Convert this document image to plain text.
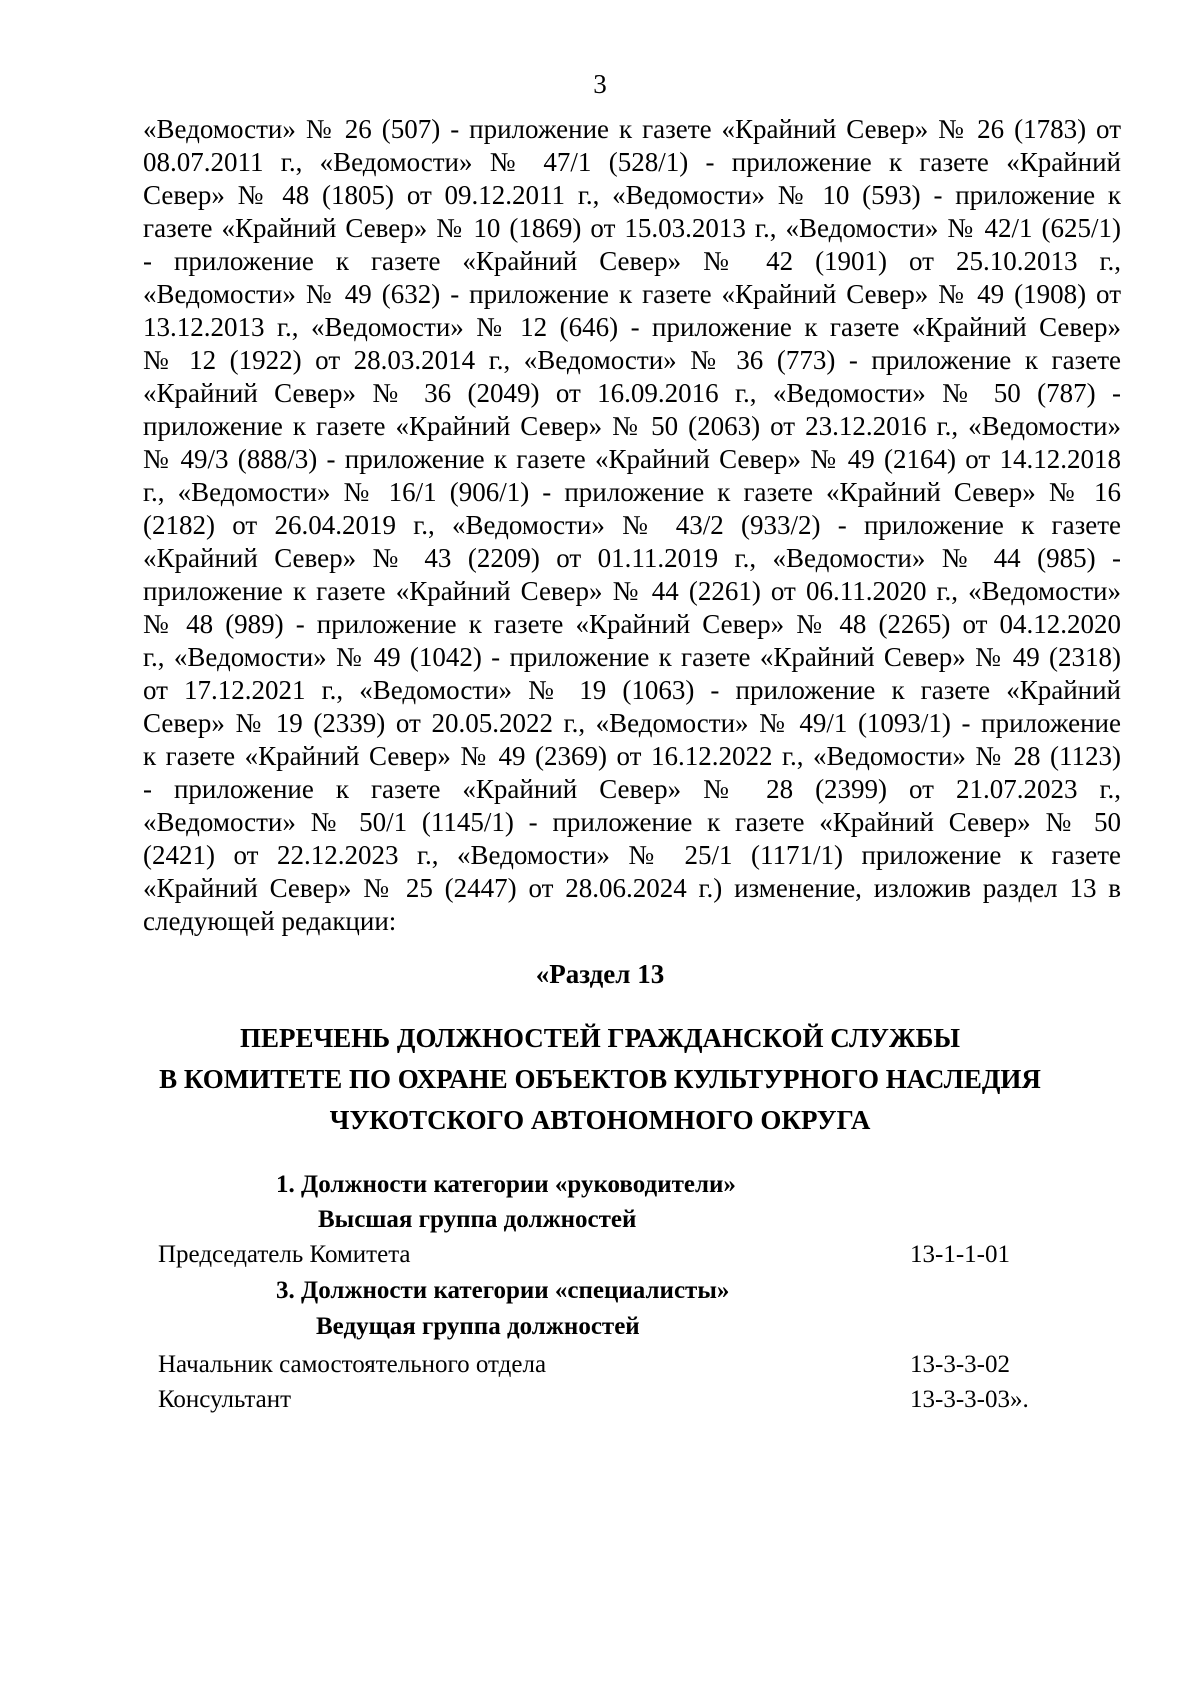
3

«Ведомости» № 26 (507) - приложение к газете «Крайний Север» № 26 (1783) от
08.07.2011 г., «Ведомости» № 47/1 (528/1) - приложение к газете «Крайний
Север» № 48 (1805) от 09.12.2011 г., «Ведомости» № 10 (593) - приложение к
газете «Крайний Север» № 10 (1869) от 15.03.2013 г., «Ведомости» № 42/1 (625/1)
- приложение к газете «Крайний Север» № 42 (1901) от 25.10.2013 г.,
«Ведомости» № 49 (632) - приложение к газете «Крайний Север» № 49 (1908) от
13.12.2013 г., «Ведомости» № 12 (646) - приложение к газете «Крайний Север»
№ 12 (1922) от 28.03.2014 г., «Ведомости» № 36 (773) - приложение к газете
«Крайний Север» № 36 (2049) от 16.09.2016 г., «Ведомости» № 50 (787) -
приложение к газете «Крайний Север» № 50 (2063) от 23.12.2016 г., «Ведомости»
№ 49/3 (888/3) - приложение к газете «Крайний Север» № 49 (2164) от 14.12.2018
г., «Ведомости» № 16/1 (906/1) - приложение к газете «Крайний Север» № 16
(2182) от 26.04.2019 г., «Ведомости» № 43/2 (933/2) - приложение к газете
«Крайний Север» № 43 (2209) от 01.11.2019 г., «Ведомости» № 44 (985) -
приложение к газете «Крайний Север» № 44 (2261) от 06.11.2020 г., «Ведомости»
№ 48 (989) - приложение к газете «Крайний Север» № 48 (2265) от 04.12.2020
г., «Ведомости» № 49 (1042) - приложение к газете «Крайний Север» № 49 (2318)
от 17.12.2021 г., «Ведомости» № 19 (1063) - приложение к газете «Крайний
Север» № 19 (2339) от 20.05.2022 г., «Ведомости» № 49/1 (1093/1) - приложение
к газете «Крайний Север» № 49 (2369) от 16.12.2022 г., «Ведомости» № 28 (1123)
- приложение к газете «Крайний Север» № 28 (2399) от 21.07.2023 г.,
«Ведомости» № 50/1 (1145/1) - приложение к газете «Крайний Север» № 50
(2421) от 22.12.2023 г., «Ведомости» № 25/1 (1171/1) приложение к газете
«Крайний Север» № 25 (2447) от 28.06.2024 г.) изменение, изложив раздел 13 в
следующей редакции:

«Раздел 13
ПЕРЕЧЕНЬ ДОЛЖНОСТЕЙ ГРАЖДАНСКОЙ СЛУЖБЫ
В КОМИТЕТЕ ПО ОХРАНЕ ОБЪЕКТОВ КУЛЬТУРНОГО НАСЛЕДИЯ
ЧУКОТСКОГО АВТОНОМНОГО ОКРУГА
1. Должности категории «руководители»
Высшая группа должностей
Председатель Комитета	13-1-1-01
3. Должности категории «специалисты»
Ведущая группа должностей
Начальник самостоятельного отдела	13-3-3-02
Консультант	13-3-3-03».
